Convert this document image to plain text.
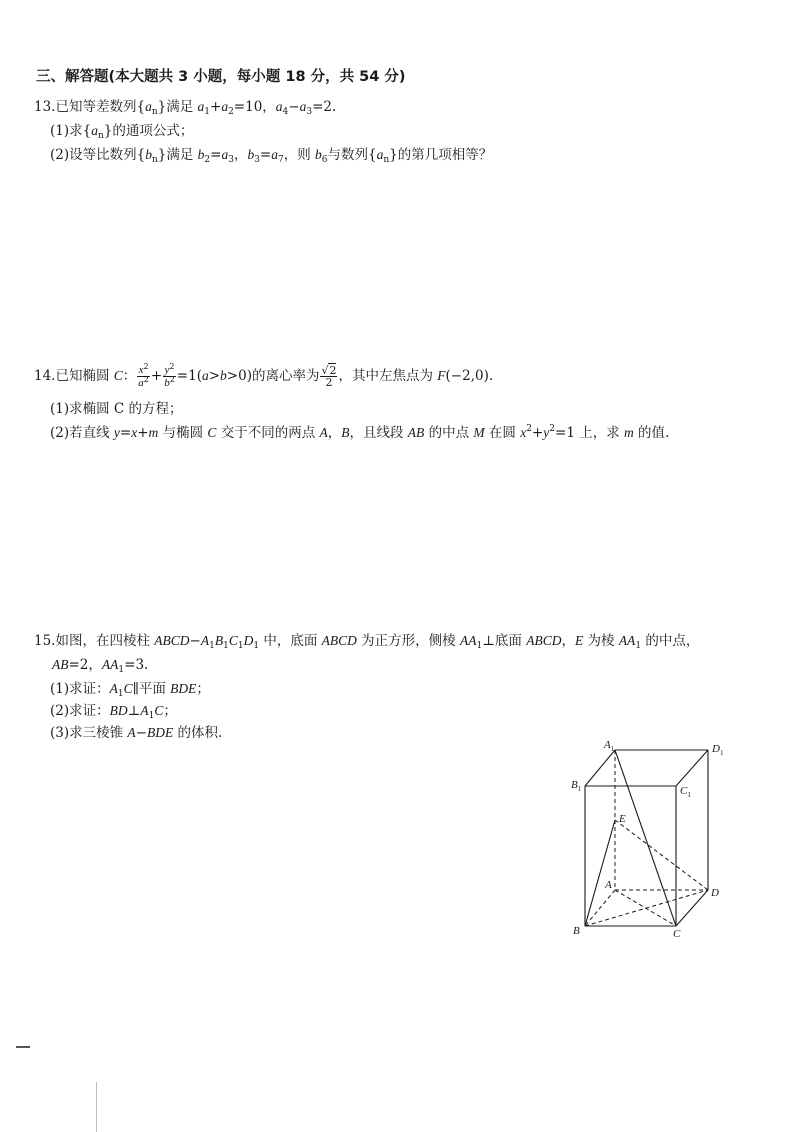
三、解答题(本大题共 3 小题，每小题 18 分，共 54 分)
13.已知等差数列$\{a_n\}$满足 $a_1+a_2=10$，$a_4-a_3=2$.
(1)求$\{a_n\}$的通项公式；
(2)设等比数列$\{b_n\}$满足 $b_2=a_3$，$b_3=a_7$，则 $b_6$与数列$\{a_n\}$的第几项相等？
14.已知椭圆 C： $\frac{x^2}{a^2} + \frac{y^2}{b^2} =1(a>b>0)$的离心率为 $\frac{√2}{2}$ ，其中左焦点为 F(−2,0).
(1)求椭圆 C 的方程；
(2)若直线 y=x+m 与椭圆 C 交于不同的两点 A，B，且线段 AB 的中点 M 在圆 $x^2+y^2=1$ 上，求 m 的值.
15.如图，在四棱柱 $ABCD-A_1B_1C_1D_1$ 中，底面 ABCD 为正方形，侧棱 $AA_1\perp$底面 ABCD，E 为棱 $AA_1$ 的中点，
AB=2，$AA_1=3$.
(1)求证：$A_1C\parallel$平面 BDE；
(2)求证：$BD\perp A_1C$；
(3)求三棱锥 A−BDE 的体积.
$A_1$	$D_1$
$B_1$	$C_1$
E
A
D
B	C
